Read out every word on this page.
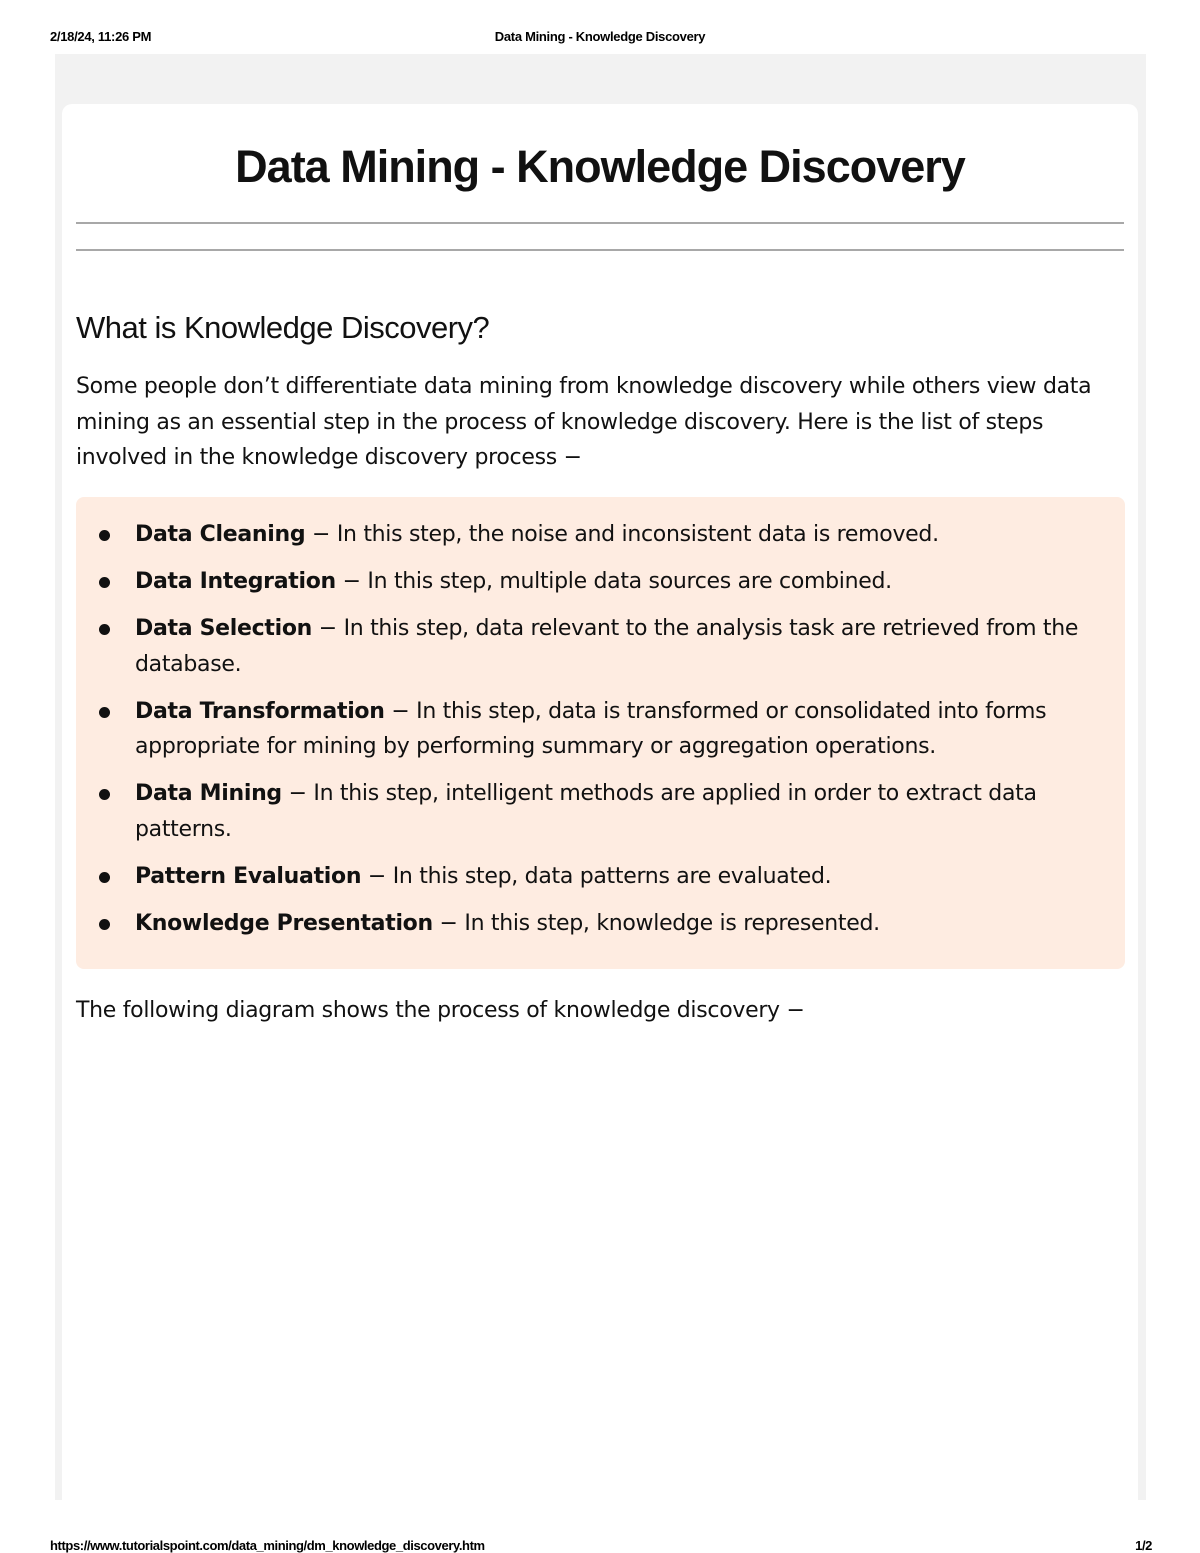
2/18/24, 11:26 PM	Data Mining - Knowledge Discovery
Data Mining - Knowledge Discovery
What is Knowledge Discovery?

Some people don’t differentiate data mining from knowledge discovery while others view data mining as an essential step in the process of knowledge discovery. Here is the list of steps involved in the knowledge discovery process −

Data Cleaning − In this step, the noise and inconsistent data is removed.
Data Integration − In this step, multiple data sources are combined.
Data Selection − In this step, data relevant to the analysis task are retrieved from the database.
Data Transformation − In this step, data is transformed or consolidated into forms appropriate for mining by performing summary or aggregation operations.
Data Mining − In this step, intelligent methods are applied in order to extract data patterns.
Pattern Evaluation − In this step, data patterns are evaluated.
Knowledge Presentation − In this step, knowledge is represented.

The following diagram shows the process of knowledge discovery −

https://www.tutorialspoint.com/data_mining/dm_knowledge_discovery.htm	1/2
